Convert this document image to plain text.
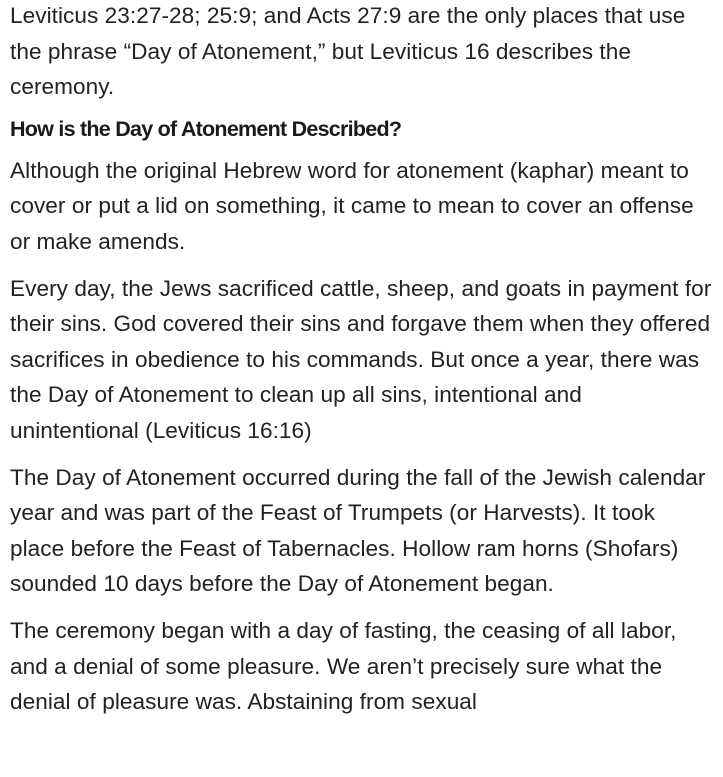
Leviticus 23:27-28; 25:9; and Acts 27:9 are the only places that use the phrase “Day of Atonement,” but Leviticus 16 describes the ceremony.

How is the Day of Atonement Described?

Although the original Hebrew word for atonement (kaphar) meant to cover or put a lid on something, it came to mean to cover an offense or make amends.

Every day, the Jews sacrificed cattle, sheep, and goats in payment for their sins. God covered their sins and forgave them when they offered sacrifices in obedience to his commands. But once a year, there was the Day of Atonement to clean up all sins, intentional and unintentional (Leviticus 16:16)

The Day of Atonement occurred during the fall of the Jewish calendar year and was part of the Feast of Trumpets (or Harvests). It took place before the Feast of Tabernacles. Hollow ram horns (Shofars) sounded 10 days before the Day of Atonement began.

The ceremony began with a day of fasting, the ceasing of all labor, and a denial of some pleasure. We aren’t precisely sure what the denial of pleasure was. Abstaining from sexual
